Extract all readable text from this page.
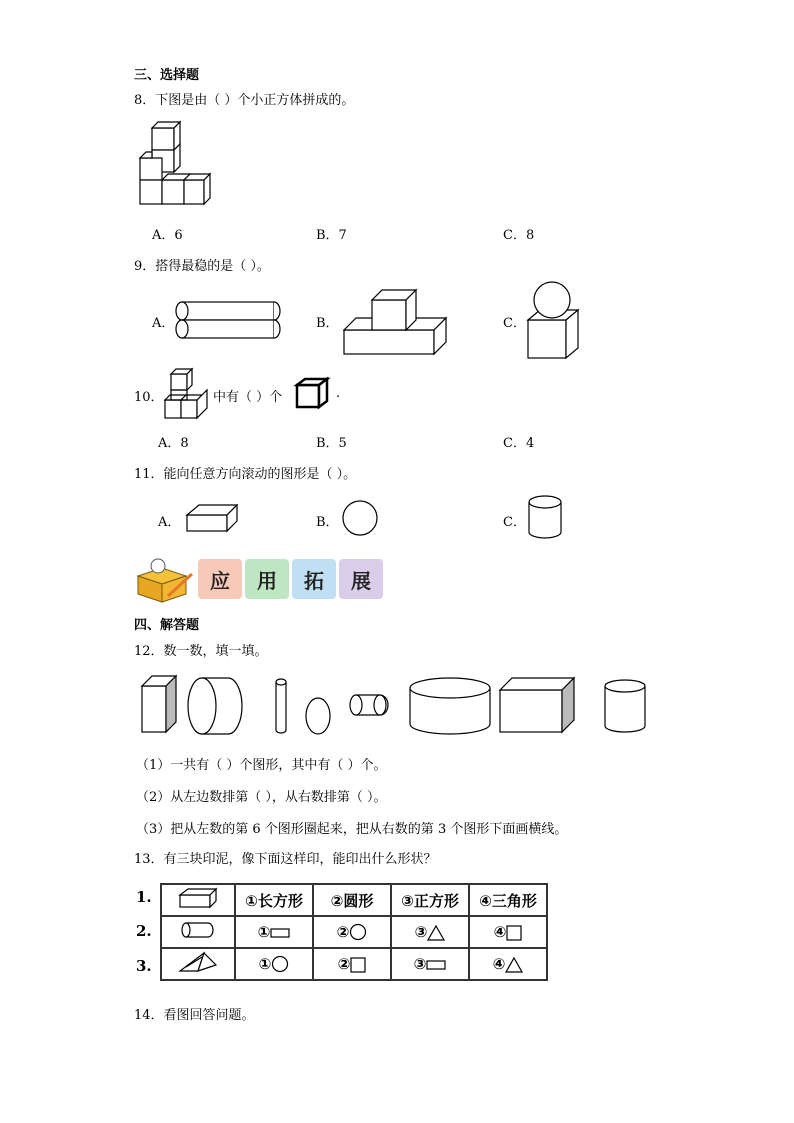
三、选择题
8．下图是由（ ）个小正方体拼成的。
A．6	B．7	C．8
9．搭得最稳的是（ ）。
A．	B．	C．
10．	中有（ ）个	.
A．8	B．5	C．4
11．能向任意方向滚动的图形是（ ）。
A．	B．	C．
应	用	拓	展
四、解答题
12．数一数，填一填。
（1）一共有（ ）个图形，其中有（ ）个。
（2）从左边数排第（ ），从右数排第（ ）。
（3）把从左数的第 6 个图形圈起来，把从右数的第 3 个图形下面画横线。
13．有三块印泥，像下面这样印，能印出什么形状？
1.
2.
3.
	①长方形	②圆形	③正方形	④三角形
	①	②	③	④
	①	②	③	④
14．看图回答问题。
